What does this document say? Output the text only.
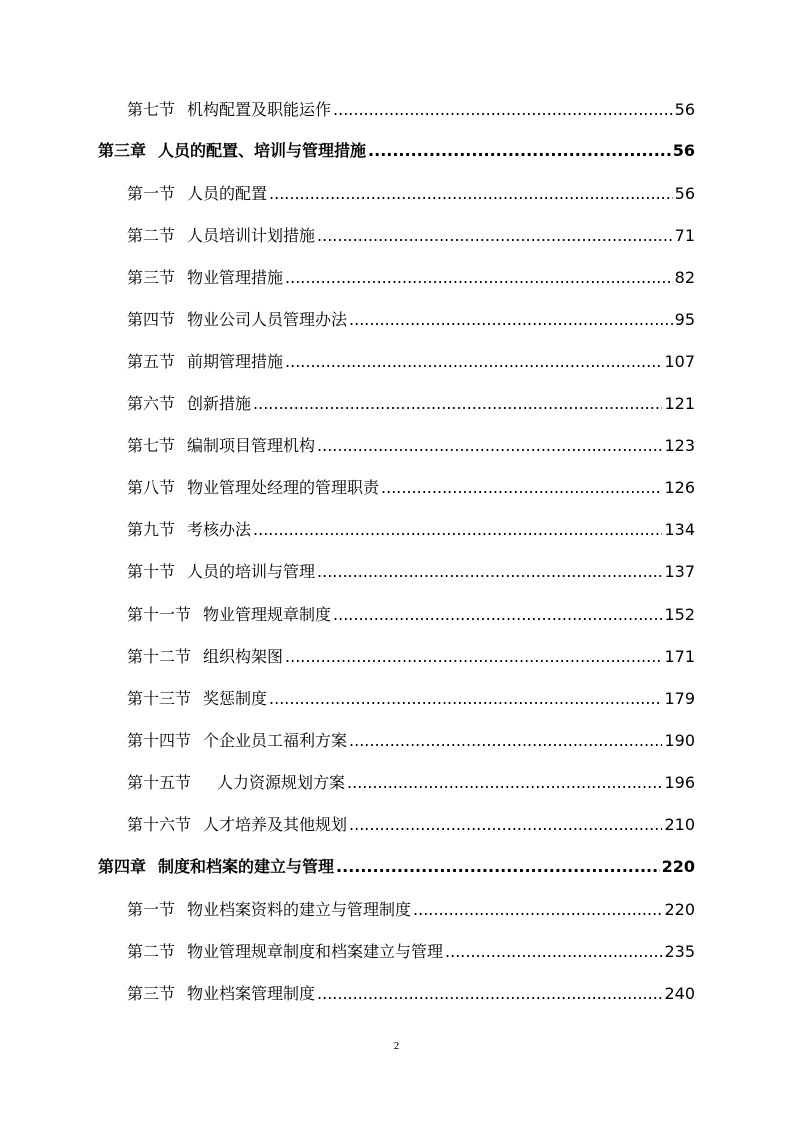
第七节 机构配置及职能运作 .....	56
第三章 人员的配置、培训与管理措施 .....	56
第一节 人员的配置 .....	56
第二节 人员培训计划措施 .....	71
第三节 物业管理措施 .....	82
第四节 物业公司人员管理办法 .....	95
第五节 前期管理措施 .....	107
第六节 创新措施 .....	121
第七节 编制项目管理机构 .....	123
第八节 物业管理处经理的管理职责 .....	126
第九节 考核办法 .....	134
第十节 人员的培训与管理 .....	137
第十一节 物业管理规章制度 .....	152
第十二节 组织构架图 .....	171
第十三节 奖惩制度 .....	179
第十四节 个企业员工福利方案 .....	190
第十五节 人力资源规划方案 .....	196
第十六节 人才培养及其他规划 .....	210
第四章 制度和档案的建立与管理 .....	220
第一节 物业档案资料的建立与管理制度 .....	220
第二节 物业管理规章制度和档案建立与管理 .....	235
第三节 物业档案管理制度 .....	240
2
